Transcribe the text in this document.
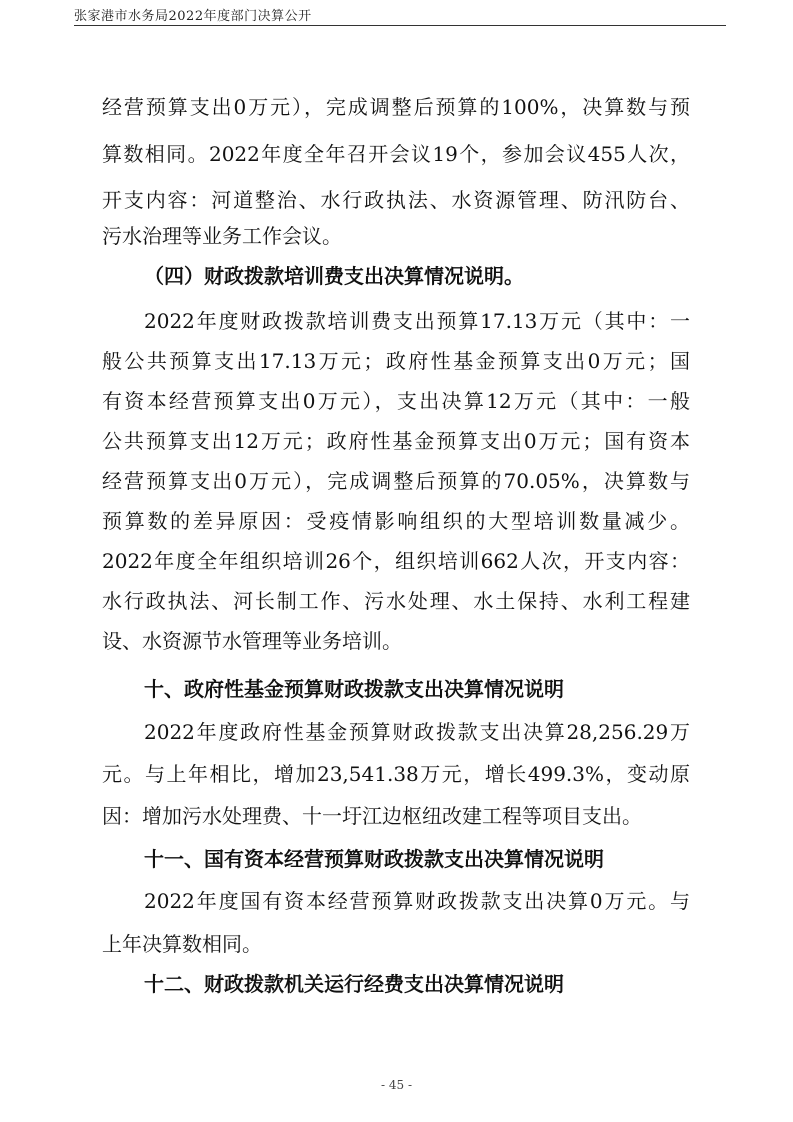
张家港市水务局2022年度部门决算公开
经营预算支出0万元），完成调整后预算的100%，决算数与预
算数相同。2022年度全年召开会议19个，参加会议455人次，
开支内容：河道整治、水行政执法、水资源管理、防汛防台、
污水治理等业务工作会议。
（四）财政拨款培训费支出决算情况说明。
2022年度财政拨款培训费支出预算17.13万元（其中：一
般公共预算支出17.13万元；政府性基金预算支出0万元；国
有资本经营预算支出0万元），支出决算12万元（其中：一般
公共预算支出12万元；政府性基金预算支出0万元；国有资本
经营预算支出0万元），完成调整后预算的70.05%，决算数与
预算数的差异原因：受疫情影响组织的大型培训数量减少。
2022年度全年组织培训26个，组织培训662人次，开支内容：
水行政执法、河长制工作、污水处理、水土保持、水利工程建
设、水资源节水管理等业务培训。
十、政府性基金预算财政拨款支出决算情况说明
2022年度政府性基金预算财政拨款支出决算28,256.29万
元。与上年相比，增加23,541.38万元，增长499.3%，变动原
因：增加污水处理费、十一圩江边枢纽改建工程等项目支出。
十一、国有资本经营预算财政拨款支出决算情况说明
2022年度国有资本经营预算财政拨款支出决算0万元。与
上年决算数相同。
十二、财政拨款机关运行经费支出决算情况说明
- 45 -
